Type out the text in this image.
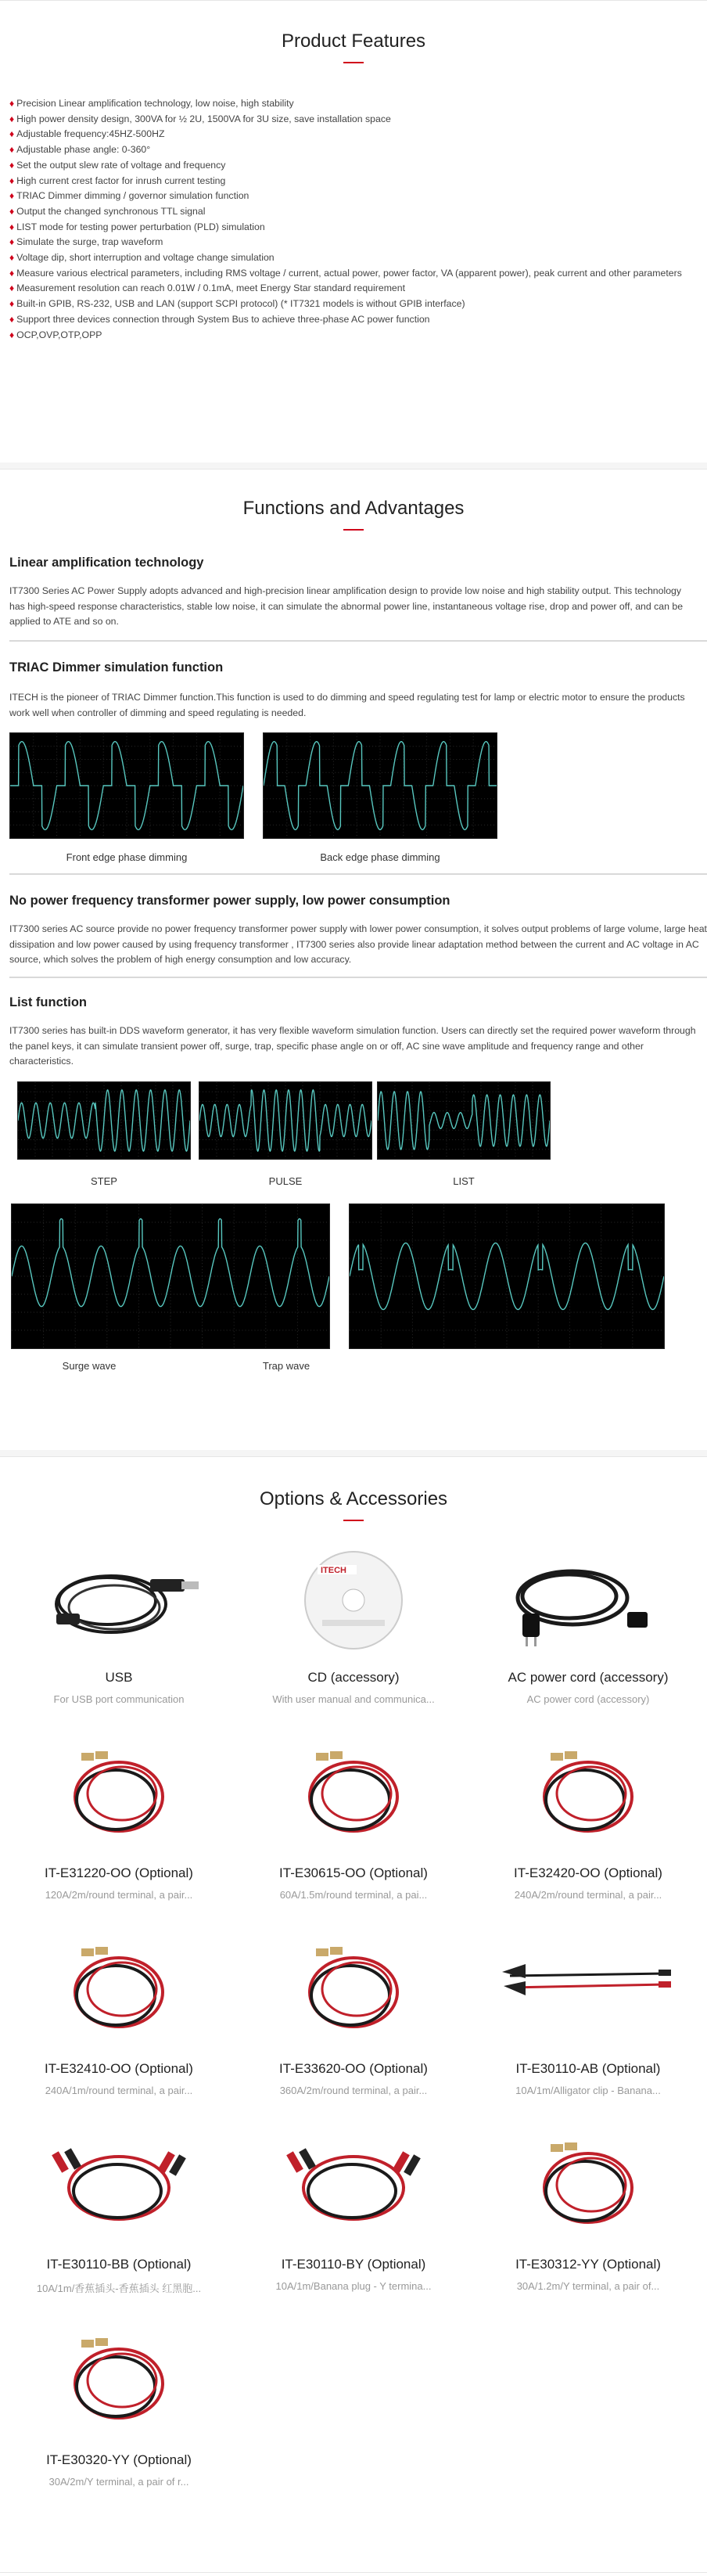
Product Features
♦ Precision Linear amplification technology, low noise, high stability
♦ High power density design, 300VA for ½ 2U, 1500VA for 3U size, save installation space
♦ Adjustable frequency:45HZ-500HZ
♦ Adjustable phase angle: 0-360°
♦ Set the output slew rate of voltage and frequency
♦ High current crest factor for inrush current testing
♦ TRIAC Dimmer dimming / governor simulation function
♦ Output the changed synchronous TTL signal
♦ LIST mode for testing power perturbation (PLD) simulation
♦ Simulate the surge, trap waveform
♦ Voltage dip, short interruption and voltage change simulation
♦ Measure various electrical parameters, including RMS voltage / current, actual power, power factor, VA (apparent power), peak current and other parameters
♦ Measurement resolution can reach 0.01W / 0.1mA, meet Energy Star standard requirement
♦ Built-in GPIB, RS-232, USB and LAN (support SCPI protocol) (* IT7321 models is without GPIB interface)
♦ Support three devices connection through System Bus to achieve three-phase AC power function
♦ OCP,OVP,OTP,OPP
Functions and Advantages
Linear amplification technology
IT7300 Series AC Power Supply adopts advanced and high-precision linear amplification design to provide low noise and high stability output. This technology has high-speed response characteristics, stable low noise, it can simulate the abnormal power line, instantaneous voltage rise, drop and power off, and can be applied to ATE and so on.
TRIAC Dimmer simulation function
ITECH is the pioneer of TRIAC Dimmer function.This function is used to do dimming and speed regulating test for lamp or electric motor to ensure the products work well when controller of dimming and speed regulating is needed.
Front edge phase dimming	Back edge phase dimming
No power frequency transformer power supply, low power consumption
IT7300 series AC source provide no power frequency transformer power supply with lower power consumption, it solves output problems of large volume, large heat dissipation and low power caused by using frequency transformer , IT7300 series also provide linear adaptation method between the current and AC voltage in AC source, which solves the problem of high energy consumption and low accuracy.
List function
IT7300 series has built-in DDS waveform generator, it has very flexible waveform simulation function. Users can directly set the required power waveform through the panel keys, it can simulate transient power off, surge, trap, specific phase angle on or off, AC sine wave amplitude and frequency range and other characteristics.
STEP	PULSE	LIST
Surge wave	Trap wave
Options & Accessories
USB
For USB port communication
ITECH
CD (accessory)
With user manual and communica...
AC power cord (accessory)
AC power cord (accessory)
IT-E31220-OO (Optional)
120A/2m/round terminal, a pair...
IT-E30615-OO (Optional)
60A/1.5m/round terminal, a pai...
IT-E32420-OO (Optional)
240A/2m/round terminal, a pair...
IT-E32410-OO (Optional)
240A/1m/round terminal, a pair...
IT-E33620-OO (Optional)
360A/2m/round terminal, a pair...
IT-E30110-AB (Optional)
10A/1m/Alligator clip - Banana...
IT-E30110-BB (Optional)
10A/1m/香蕉插头-香蕉插头 红黑胞...
IT-E30110-BY (Optional)
10A/1m/Banana plug - Y termina...
IT-E30312-YY (Optional)
30A/1.2m/Y terminal, a pair of...
IT-E30320-YY (Optional)
30A/2m/Y terminal, a pair of r...
